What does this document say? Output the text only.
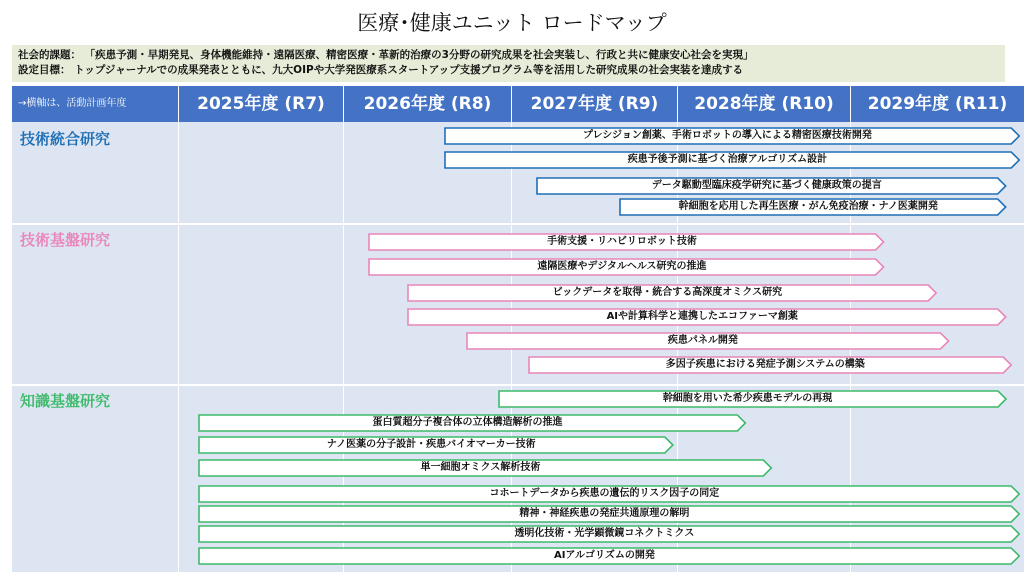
医療･健康ユニット ロードマップ
社会的課題： 「疾患予測・早期発見、身体機能維持・遠隔医療、精密医療・革新的治療の3分野の研究成果を社会実装し、行政と共に健康安心社会を実現」
設定目標： トップジャーナルでの成果発表とともに、九大OIPや大学発医療系スタートアップ支援プログラム等を活用した研究成果の社会実装を達成する
→横軸は、活動計画年度	2025年度 (R7)	2026年度 (R8)	2027年度 (R9)	2028年度 (R10)	2029年度 (R11)
技術統合研究
技術基盤研究
知識基盤研究
プレシジョン創薬、手術ロボットの導入による精密医療技術開発
疾患予後予測に基づく治療アルゴリズム設計
データ駆動型臨床疫学研究に基づく健康政策の提言
幹細胞を応用した再生医療・がん免疫治療・ナノ医薬開発
手術支援・リハビリロボット技術
遠隔医療やデジタルヘルス研究の推進
ビックデータを取得・統合する高深度オミクス研究
AIや計算科学と連携したエコファーマ創薬
疾患パネル開発
多因子疾患における発症予測システムの構築
幹細胞を用いた希少疾患モデルの再現
蛋白質超分子複合体の立体構造解析の推進
ナノ医薬の分子設計・疾患バイオマーカー技術
単一細胞オミクス解析技術
コホートデータから疾患の遺伝的リスク因子の同定
精神・神経疾患の発症共通原理の解明
透明化技術・光学顕微鏡コネクトミクス
AIアルゴリズムの開発
